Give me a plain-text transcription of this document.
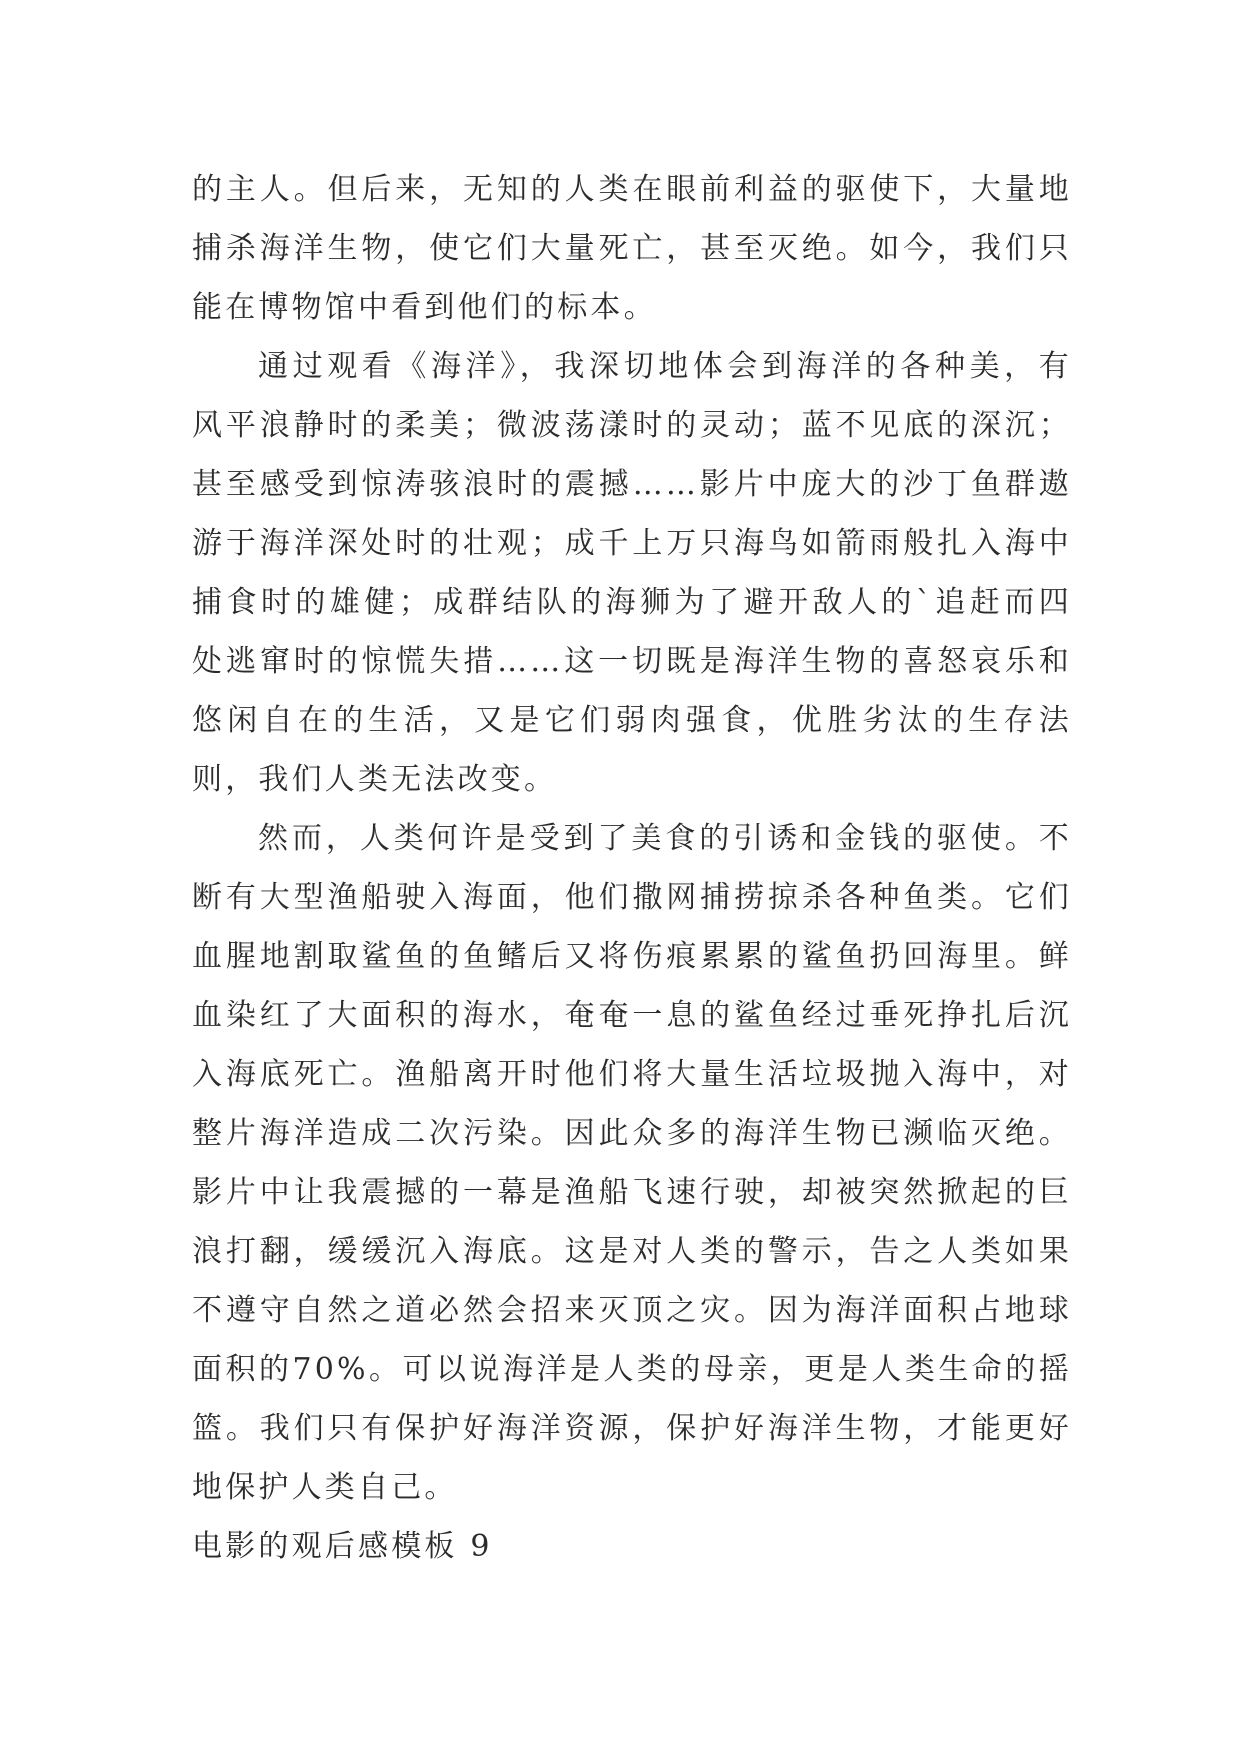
的主人。但后来，无知的人类在眼前利益的驱使下，大量地捕杀海洋生物，使它们大量死亡，甚至灭绝。如今，我们只能在博物馆中看到他们的标本。

通过观看《海洋》，我深切地体会到海洋的各种美，有风平浪静时的柔美；微波荡漾时的灵动；蓝不见底的深沉；甚至感受到惊涛骇浪时的震撼……影片中庞大的沙丁鱼群遨游于海洋深处时的壮观；成千上万只海鸟如箭雨般扎入海中捕食时的雄健；成群结队的海狮为了避开敌人的`追赶而四处逃窜时的惊慌失措……这一切既是海洋生物的喜怒哀乐和悠闲自在的生活，又是它们弱肉强食，优胜劣汰的生存法则，我们人类无法改变。

然而，人类何许是受到了美食的引诱和金钱的驱使。不断有大型渔船驶入海面，他们撒网捕捞掠杀各种鱼类。它们血腥地割取鲨鱼的鱼鳍后又将伤痕累累的鲨鱼扔回海里。鲜血染红了大面积的海水，奄奄一息的鲨鱼经过垂死挣扎后沉入海底死亡。渔船离开时他们将大量生活垃圾抛入海中，对整片海洋造成二次污染。因此众多的海洋生物已濒临灭绝。影片中让我震撼的一幕是渔船飞速行驶，却被突然掀起的巨浪打翻，缓缓沉入海底。这是对人类的警示，告之人类如果不遵守自然之道必然会招来灭顶之灾。因为海洋面积占地球面积的70%。可以说海洋是人类的母亲，更是人类生命的摇篮。我们只有保护好海洋资源，保护好海洋生物，才能更好地保护人类自己。

电影的观后感模板 9
